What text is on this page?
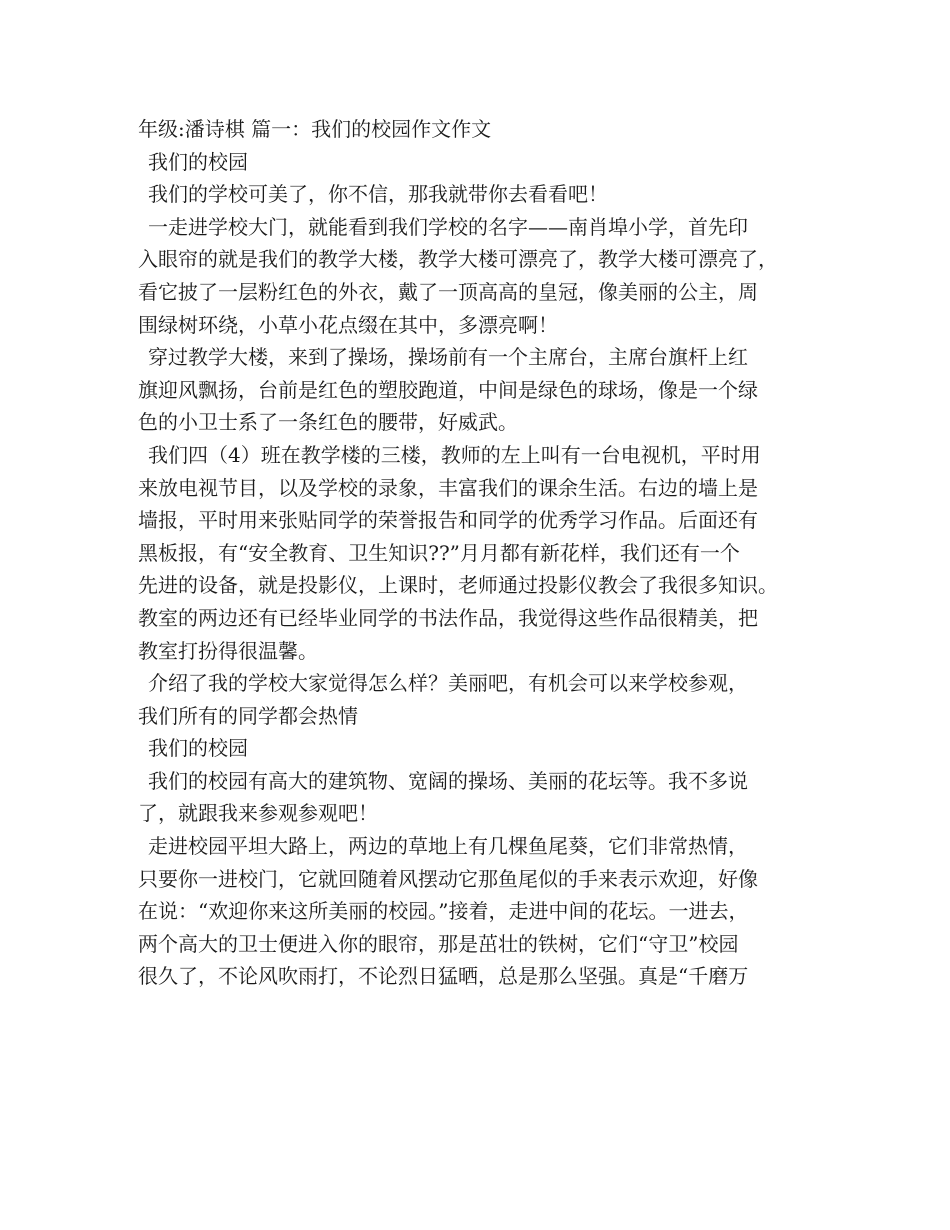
年级:潘诗棋 篇一：我们的校园作文作文
我们的校园
我们的学校可美了，你不信，那我就带你去看看吧！
一走进学校大门，就能看到我们学校的名字——南肖埠小学，首先印
入眼帘的就是我们的教学大楼，教学大楼可漂亮了，教学大楼可漂亮了，
看它披了一层粉红色的外衣，戴了一顶高高的皇冠，像美丽的公主，周
围绿树环绕，小草小花点缀在其中，多漂亮啊！
穿过教学大楼，来到了操场，操场前有一个主席台，主席台旗杆上红
旗迎风飘扬，台前是红色的塑胶跑道，中间是绿色的球场，像是一个绿
色的小卫士系了一条红色的腰带，好威武。
我们四（4）班在教学楼的三楼，教师的左上叫有一台电视机，平时用
来放电视节目，以及学校的录象，丰富我们的课余生活。右边的墙上是
墙报，平时用来张贴同学的荣誉报告和同学的优秀学习作品。后面还有
黑板报，有“安全教育、卫生知识??”月月都有新花样，我们还有一个
先进的设备，就是投影仪，上课时，老师通过投影仪教会了我很多知识。
教室的两边还有已经毕业同学的书法作品，我觉得这些作品很精美，把
教室打扮得很温馨。
介绍了我的学校大家觉得怎么样？美丽吧，有机会可以来学校参观，
我们所有的同学都会热情
我们的校园
我们的校园有高大的建筑物、宽阔的操场、美丽的花坛等。我不多说
了，就跟我来参观参观吧！
走进校园平坦大路上，两边的草地上有几棵鱼尾葵，它们非常热情，
只要你一进校门，它就回随着风摆动它那鱼尾似的手来表示欢迎，好像
在说：“欢迎你来这所美丽的校园。”接着，走进中间的花坛。一进去，
两个高大的卫士便进入你的眼帘，那是茁壮的铁树，它们“守卫”校园
很久了，不论风吹雨打，不论烈日猛晒，总是那么坚强。真是“千磨万
